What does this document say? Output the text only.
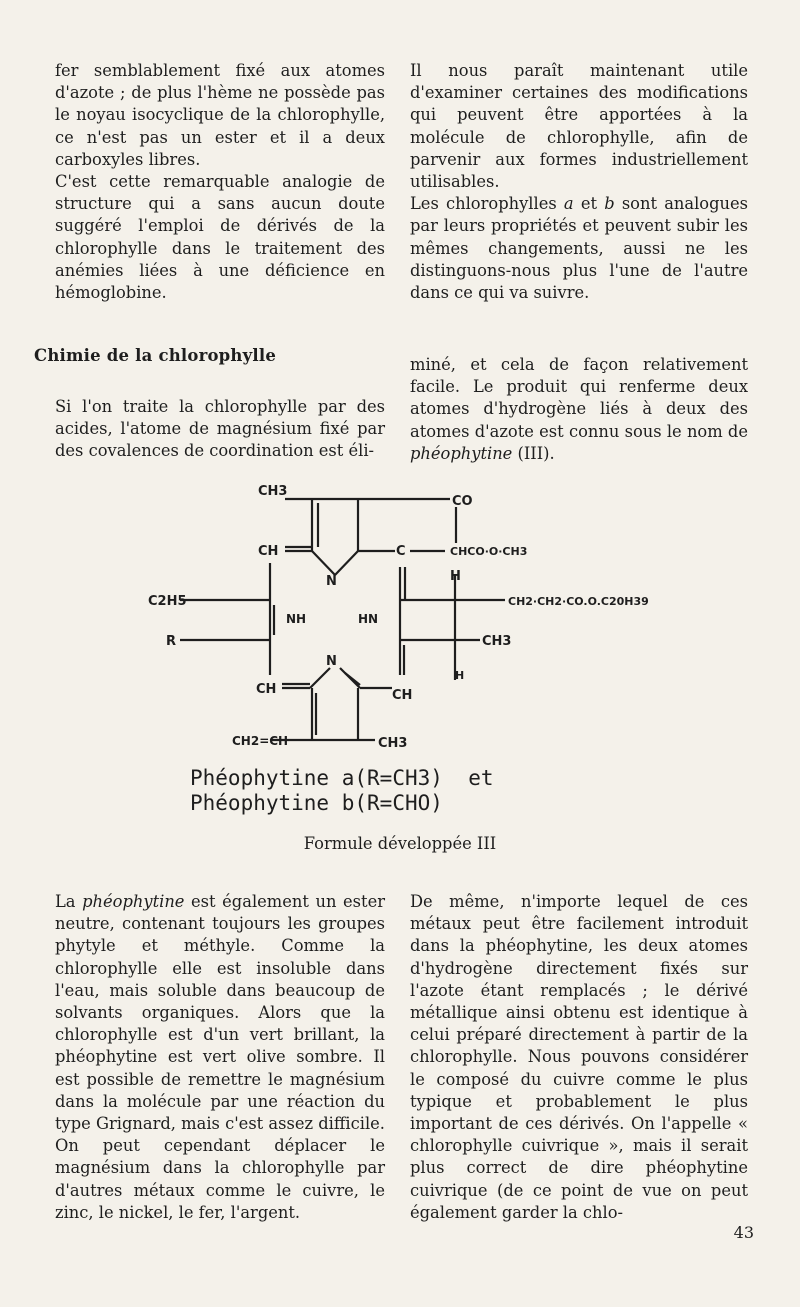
fer semblablement fixé aux atomes d'azote ; de plus l'hème ne possède pas le noyau isocyclique de la chlorophylle, ce n'est pas un ester et il a deux carboxyles libres.

C'est cette remarquable analogie de structure qui a sans aucun doute suggéré l'emploi de dérivés de la chlorophylle dans le traitement des anémies liées à une déficience en hémoglobine.

Il nous paraît maintenant utile d'examiner certaines des modifications qui peuvent être apportées à la molécule de chlorophylle, afin de parvenir aux formes industriellement utilisables.

Les chlorophylles a et b sont analogues par leurs propriétés et peuvent subir les mêmes changements, aussi ne les distinguons-nous plus l'une de l'autre dans ce qui va suivre.

Chimie de la chlorophylle

Si l'on traite la chlorophylle par des acides, l'atome de magnésium fixé par des covalences de coordination est éli-

miné, et cela de façon relativement facile. Le produit qui renferme deux atomes d'hydrogène liés à deux des atomes d'azote est connu sous le nom de phéophytine (III).

CH3
CO
CH	C	CHCO·O·CH3
N	H
C2H5
NH	HN
CH2·CH2·CO.O.C20H39
R	CH3
N
H
CH	CH
CH2=CH	CH3
Phéophytine a(R=CH3)  et
Phéophytine b(R=CHO)
Formule développée III

La phéophytine est également un ester neutre, contenant toujours les groupes phytyle et méthyle. Comme la chlorophylle elle est insoluble dans l'eau, mais soluble dans beaucoup de solvants organiques. Alors que la chlorophylle est d'un vert brillant, la phéophytine est vert olive sombre. Il est possible de remettre le magnésium dans la molécule par une réaction du type Grignard, mais c'est assez difficile. On peut cependant déplacer le magnésium dans la chlorophylle par d'autres métaux comme le cuivre, le zinc, le nickel, le fer, l'argent.

De même, n'importe lequel de ces métaux peut être facilement introduit dans la phéophytine, les deux atomes d'hydrogène directement fixés sur l'azote étant remplacés ; le dérivé métallique ainsi obtenu est identique à celui préparé directement à partir de la chlorophylle. Nous pouvons considérer le composé du cuivre comme le plus typique et probablement le plus important de ces dérivés. On l'appelle « chlorophylle cuivrique », mais il serait plus correct de dire phéophytine cuivrique (de ce point de vue on peut également garder la chlo-

43
